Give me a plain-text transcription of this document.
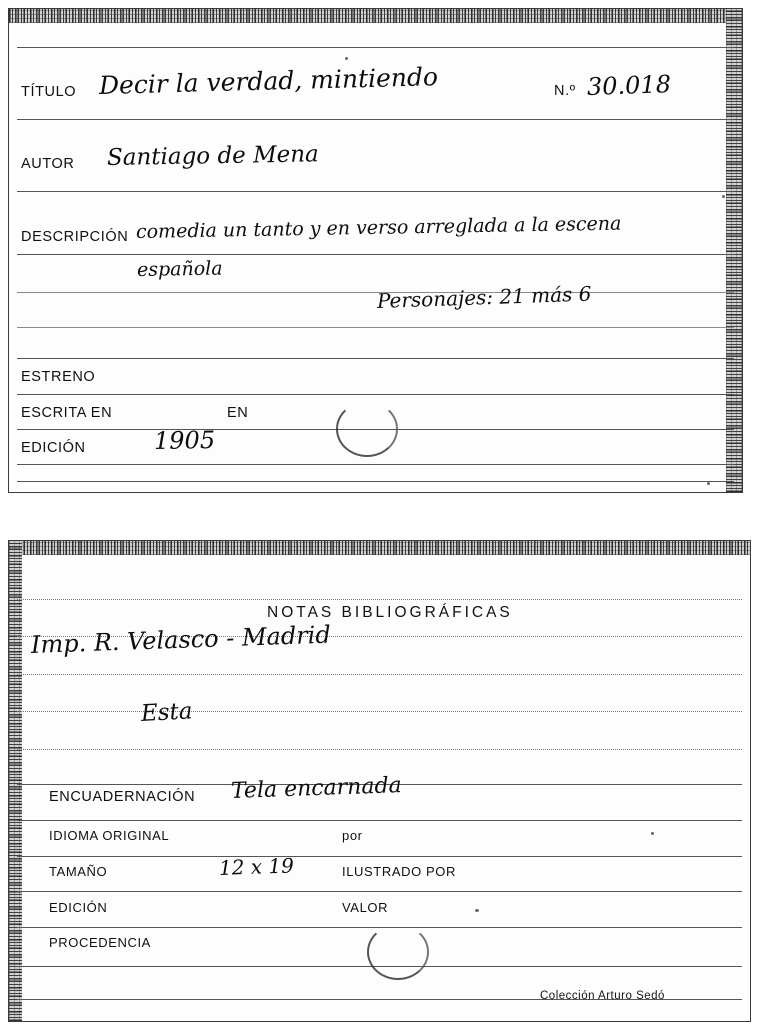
TÍTULO Decir la verdad, mintiendo	N.º 30.018
AUTOR Santiago de Mena
DESCRIPCIÓN comedia un tanto y en verso arreglada a la escena
española
Personajes: 21 más 6
ESTRENO
ESCRITA EN	EN
EDICIÓN	1905
NOTAS BIBLIOGRÁFICAS
Imp. R. Velasco - Madrid
Esta
ENCUADERNACIÓN Tela encarnada
IDIOMA ORIGINAL	por
TAMAÑO	12 x 19	ILUSTRADO POR
EDICIÓN	VALOR
PROCEDENCIA
Colección Arturo Sedó
